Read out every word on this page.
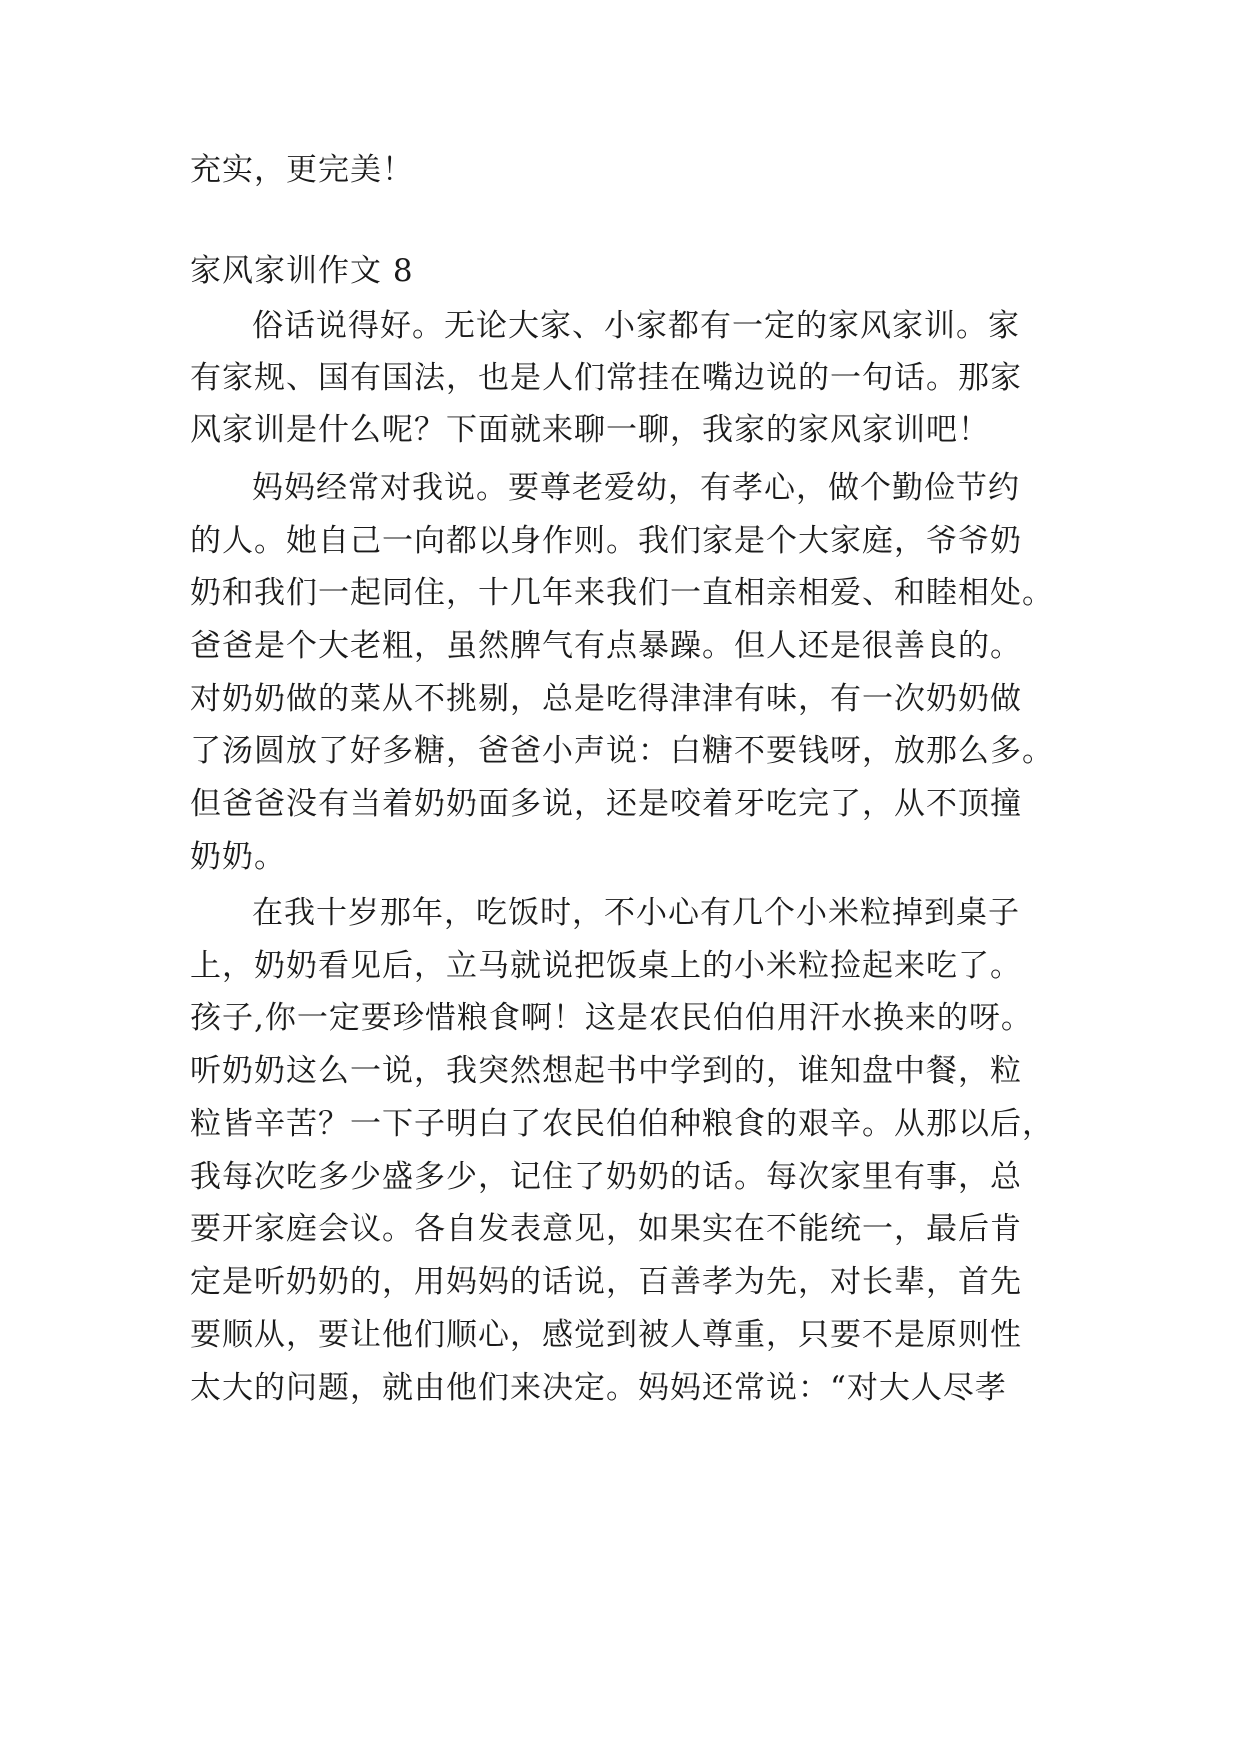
充实，更完美！
家风家训作文 8
俗话说得好。无论大家、小家都有一定的家风家训。家
有家规、国有国法，也是人们常挂在嘴边说的一句话。那家
风家训是什么呢？下面就来聊一聊，我家的家风家训吧！
妈妈经常对我说。要尊老爱幼，有孝心，做个勤俭节约
的人。她自己一向都以身作则。我们家是个大家庭，爷爷奶
奶和我们一起同住，十几年来我们一直相亲相爱、和睦相处。
爸爸是个大老粗，虽然脾气有点暴躁。但人还是很善良的。
对奶奶做的菜从不挑剔，总是吃得津津有味，有一次奶奶做
了汤圆放了好多糖，爸爸小声说：白糖不要钱呀，放那么多。
但爸爸没有当着奶奶面多说，还是咬着牙吃完了，从不顶撞
奶奶。
在我十岁那年，吃饭时，不小心有几个小米粒掉到桌子
上，奶奶看见后，立马就说把饭桌上的小米粒捡起来吃了。
孩子,你一定要珍惜粮食啊！这是农民伯伯用汗水换来的呀。
听奶奶这么一说，我突然想起书中学到的，谁知盘中餐，粒
粒皆辛苦？一下子明白了农民伯伯种粮食的艰辛。从那以后，
我每次吃多少盛多少，记住了奶奶的话。每次家里有事，总
要开家庭会议。各自发表意见，如果实在不能统一，最后肯
定是听奶奶的，用妈妈的话说，百善孝为先，对长辈，首先
要顺从，要让他们顺心，感觉到被人尊重，只要不是原则性
太大的问题，就由他们来决定。妈妈还常说：“对大人尽孝
